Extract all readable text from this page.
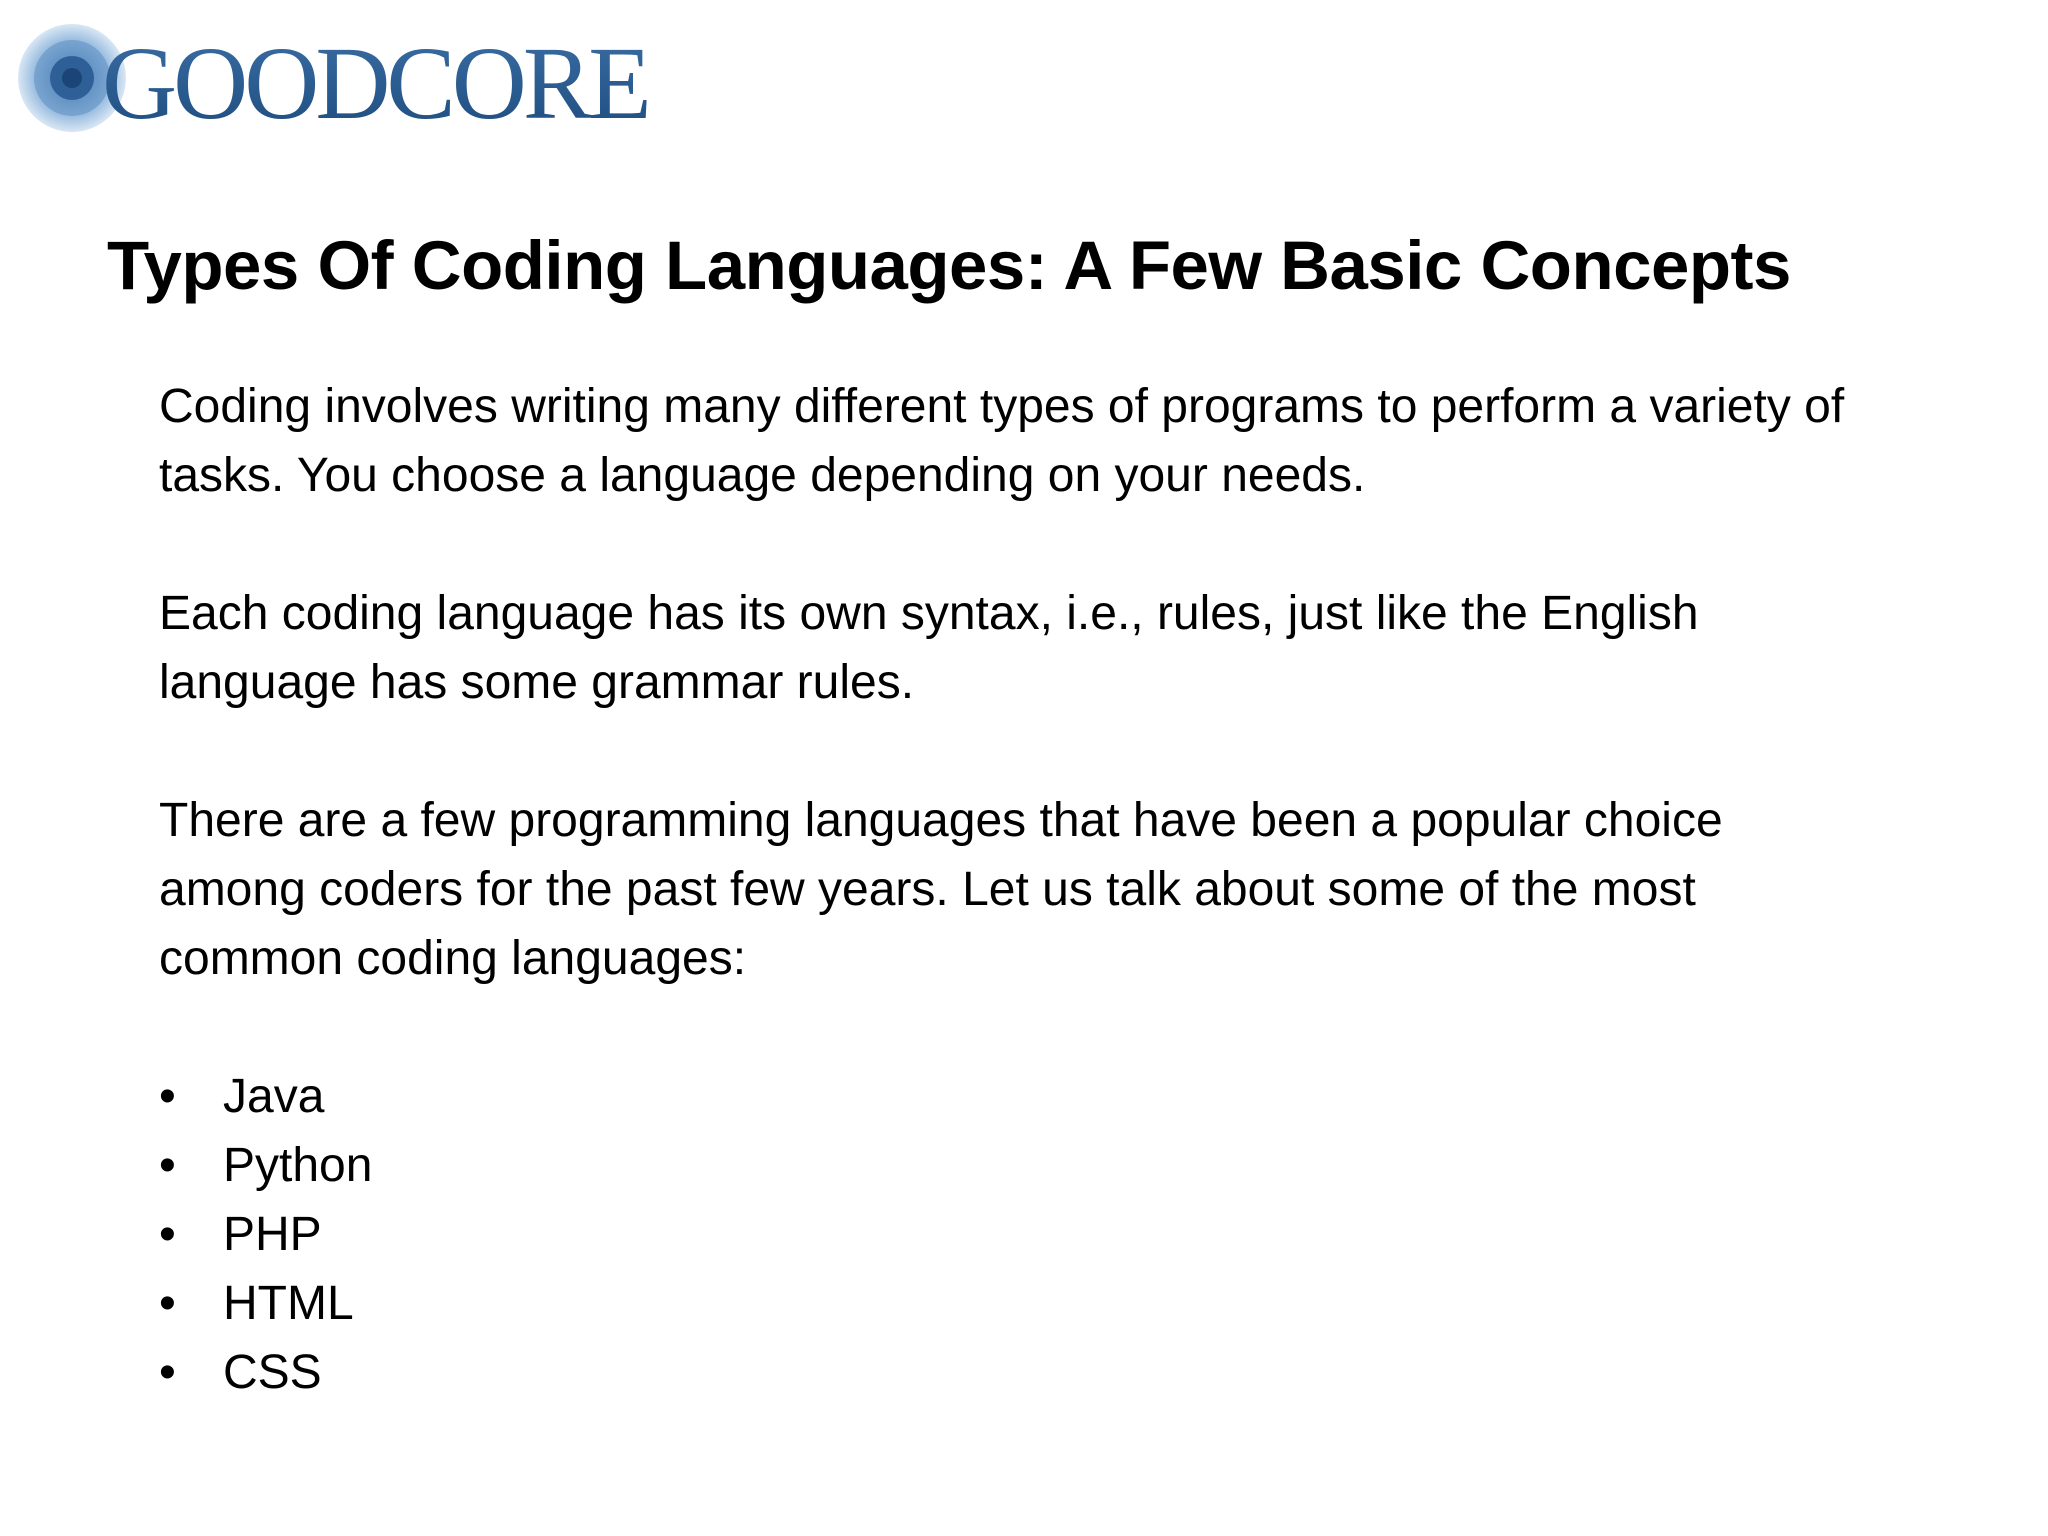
GOODCORE
Types Of Coding Languages: A Few Basic Concepts

Coding involves writing many different types of programs to perform a variety of tasks. You choose a language depending on your needs.

Each coding language has its own syntax, i.e., rules, just like the English language has some grammar rules.

There are a few programming languages that have been a popular choice among coders for the past few years. Let us talk about some of the most common coding languages:

• Java
• Python
• PHP
• HTML
• CSS
